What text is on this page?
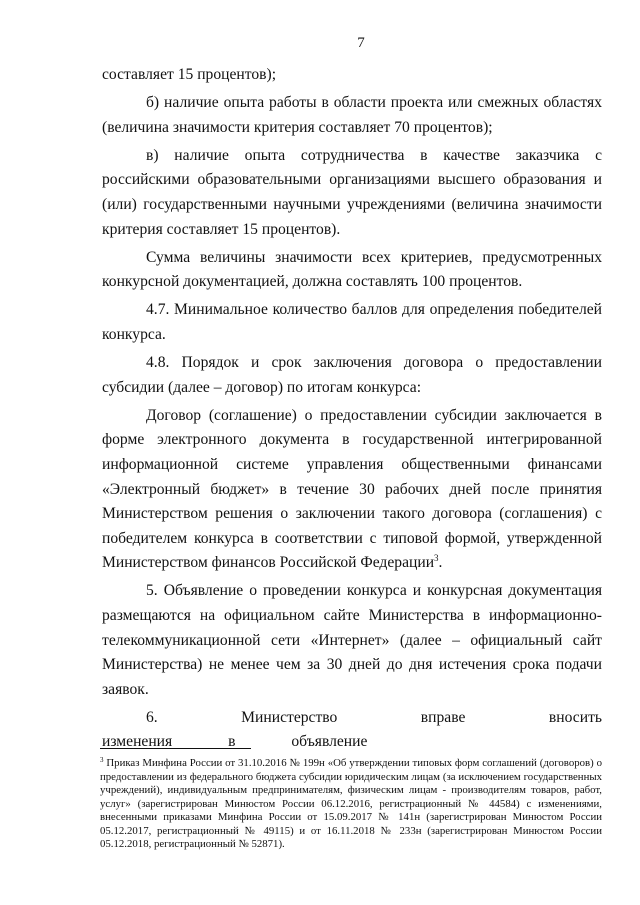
7

составляет 15 процентов);

б) наличие опыта работы в области проекта или смежных областях (величина значимости критерия составляет 70 процентов);

в) наличие опыта сотрудничества в качестве заказчика с российскими образовательными организациями высшего образования и (или) государственными научными учреждениями (величина значимости критерия составляет 15 процентов).

Сумма величины значимости всех критериев, предусмотренных конкурсной документацией, должна составлять 100 процентов.

4.7. Минимальное количество баллов для определения победителей конкурса.

4.8. Порядок и срок заключения договора о предоставлении субсидии (далее – договор) по итогам конкурса:

Договор (соглашение) о предоставлении субсидии заключается в форме электронного документа в государственной интегрированной информационной системе управления общественными финансами «Электронный бюджет» в течение 30 рабочих дней после принятия Министерством решения о заключении такого договора (соглашения) с победителем конкурса в соответствии с типовой формой, утвержденной Министерством финансов Российской Федерации$^3$.

5. Объявление о проведении конкурса и конкурсная документация размещаются на официальном сайте Министерства в информационно-телекоммуникационной сети «Интернет» (далее – официальный сайт Министерства) не менее чем за 30 дней до дня истечения срока подачи заявок.

6. Министерство вправе вносить изменения в объявление

$^3$ Приказ Минфина России от 31.10.2016 № 199н «Об утверждении типовых форм соглашений (договоров) о предоставлении из федерального бюджета субсидии юридическим лицам (за исключением государственных учреждений), индивидуальным предпринимателям, физическим лицам - производителям товаров, работ, услуг» (зарегистрирован Минюстом России 06.12.2016, регистрационный № 44584) с изменениями, внесенными приказами Минфина России от 15.09.2017 № 141н (зарегистрирован Минюстом России 05.12.2017, регистрационный № 49115) и от 16.11.2018 № 233н (зарегистрирован Минюстом России 05.12.2018, регистрационный № 52871).
